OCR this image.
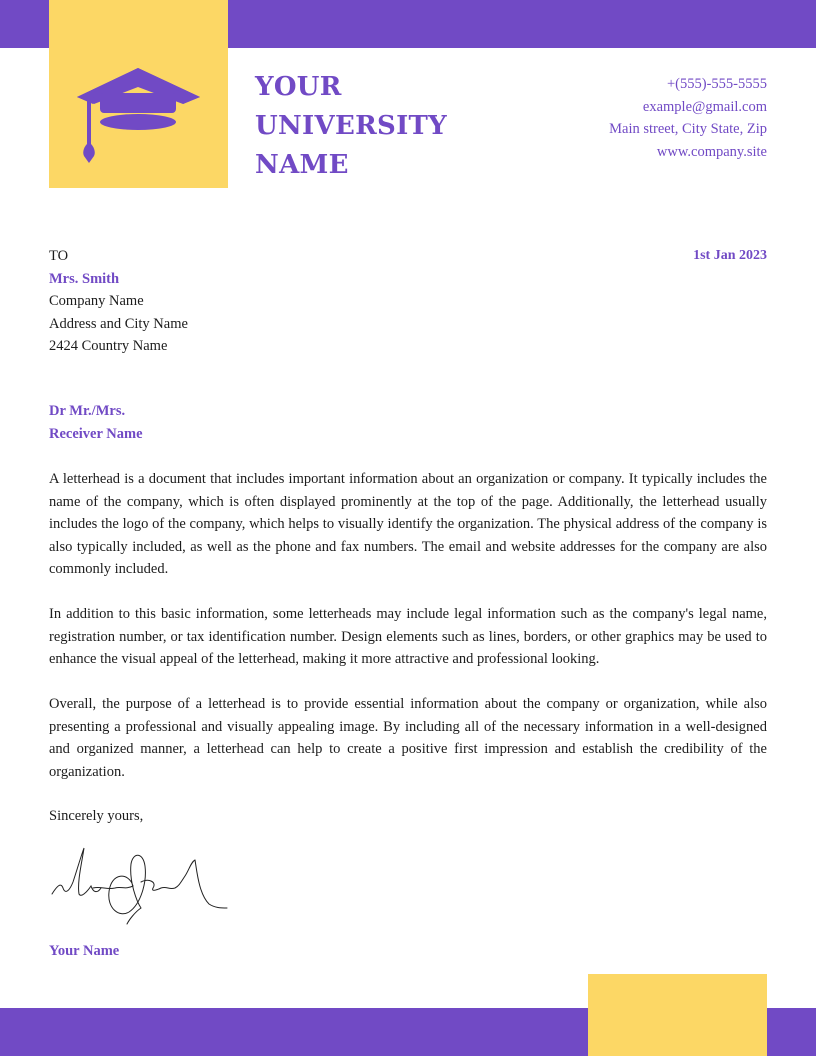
YOUR
UNIVERSITY
NAME
+(555)-555-5555
example@gmail.com
Main street, City State, Zip
www.company.site
TO
Mrs. Smith
Company Name
Address and City Name
2424 Country Name
1st Jan 2023
Dr Mr./Mrs.
Receiver Name

A letterhead is a document that includes important information about an organization or company. It typically includes the name of the company, which is often displayed prominently at the top of the page. Additionally, the letterhead usually includes the logo of the company, which helps to visually identify the organization. The physical address of the company is also typically included, as well as the phone and fax numbers. The email and website addresses for the company are also commonly included.

In addition to this basic information, some letterheads may include legal information such as the company's legal name, registration number, or tax identification number. Design elements such as lines, borders, or other graphics may be used to enhance the visual appeal of the letterhead, making it more attractive and professional looking.

Overall, the purpose of a letterhead is to provide essential information about the company or organization, while also presenting a professional and visually appealing image. By including all of the necessary information in a well-designed and organized manner, a letterhead can help to create a positive first impression and establish the credibility of the organization.

Sincerely yours,
Your Name
